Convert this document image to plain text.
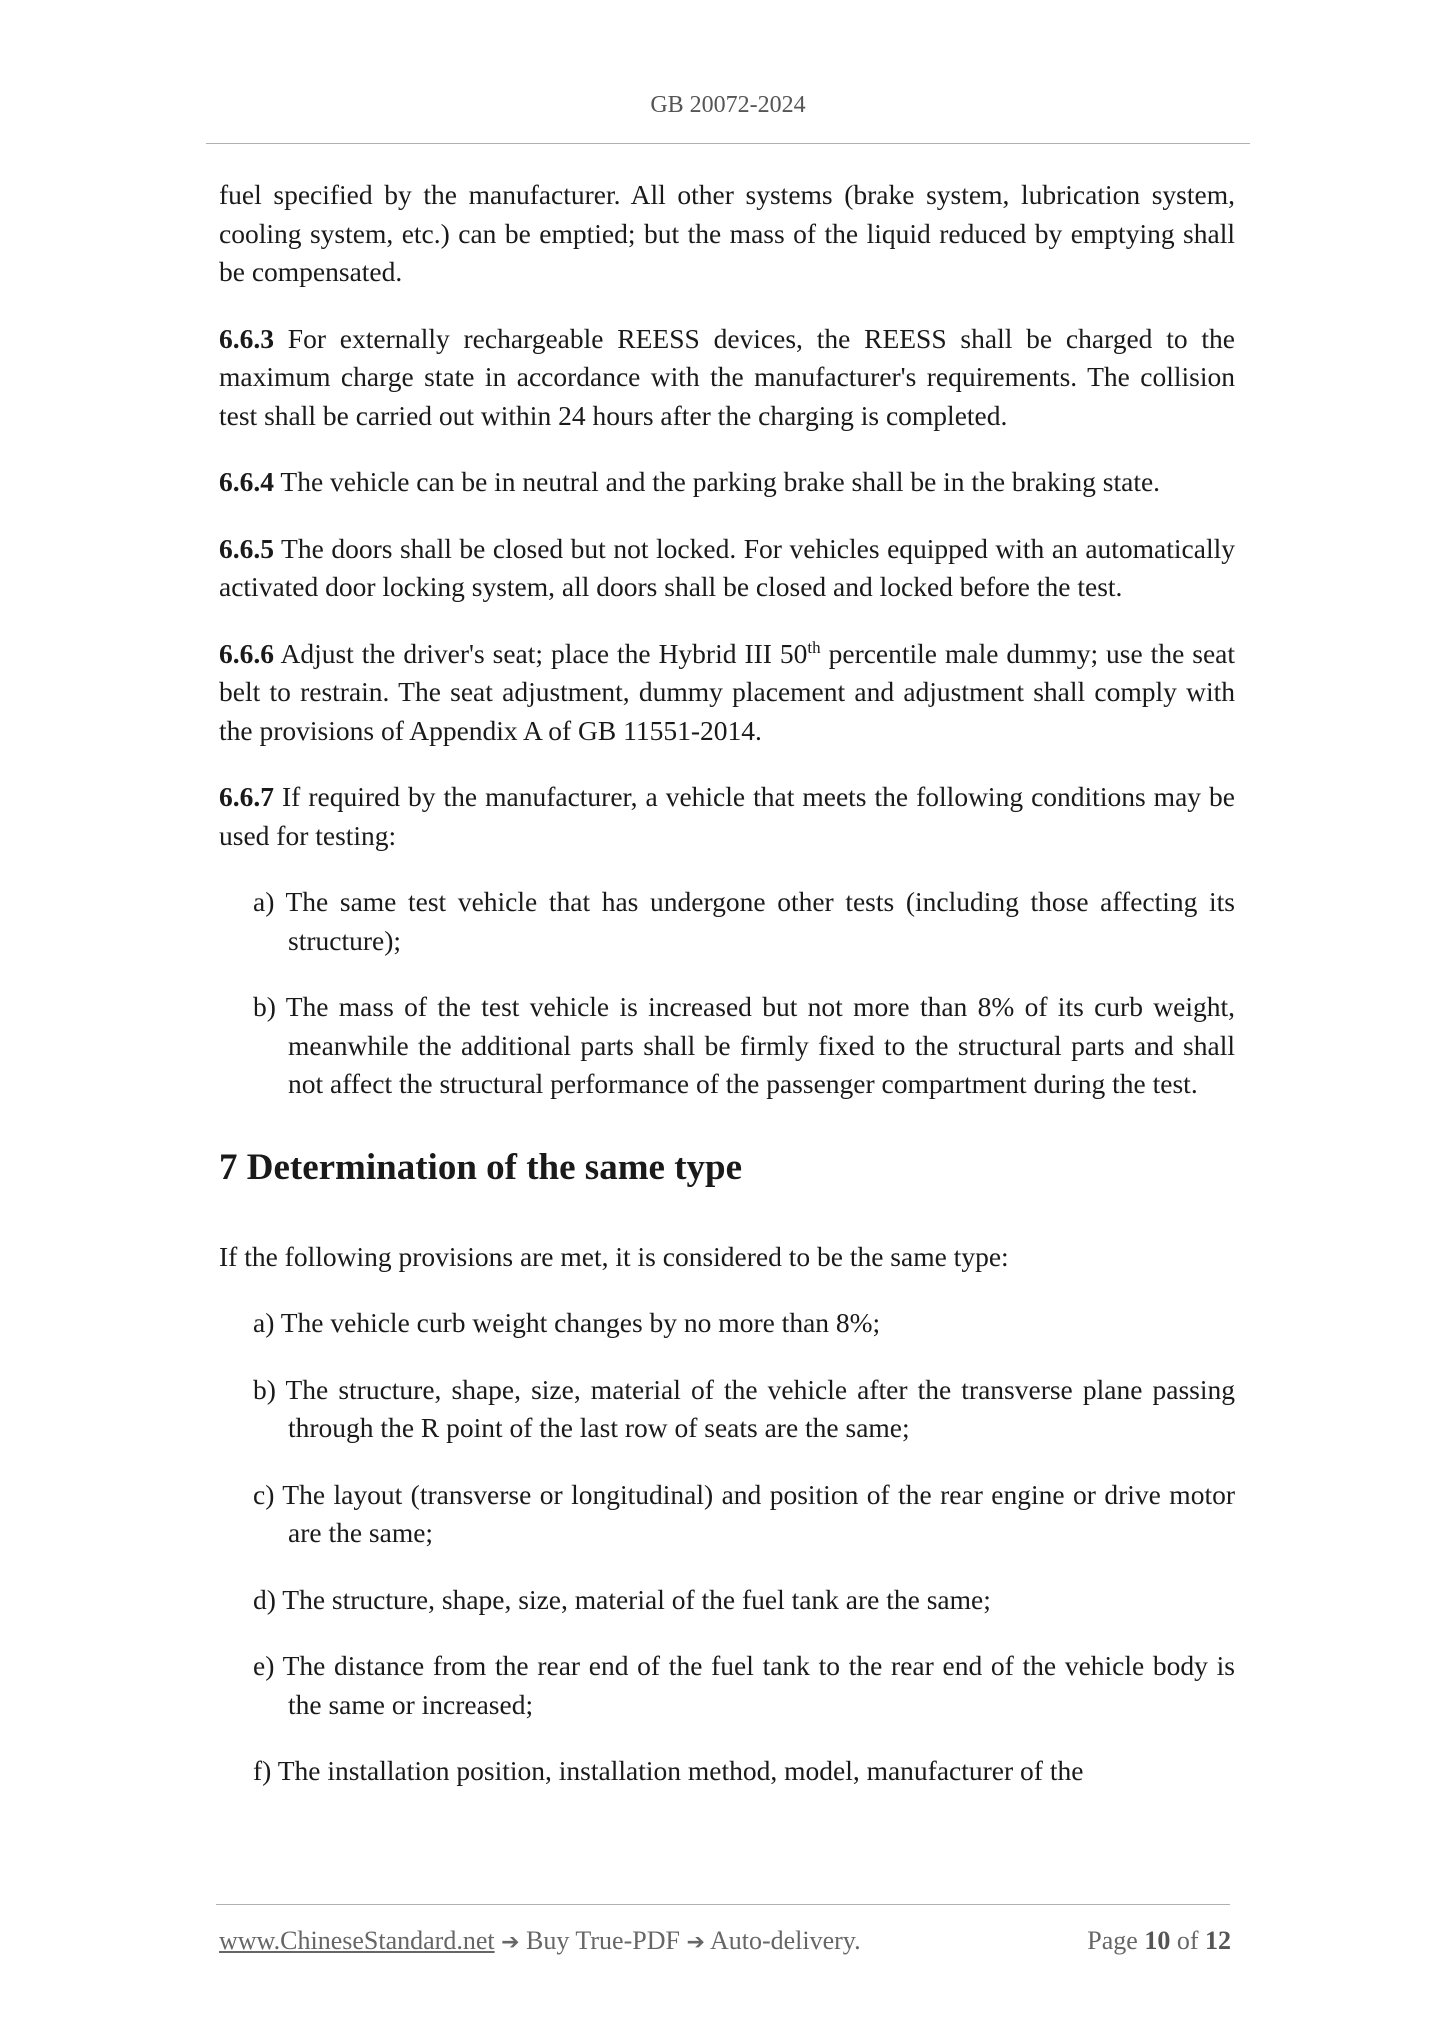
GB 20072-2024

fuel specified by the manufacturer. All other systems (brake system, lubrication system, cooling system, etc.) can be emptied; but the mass of the liquid reduced by emptying shall be compensated.

6.6.3 For externally rechargeable REESS devices, the REESS shall be charged to the maximum charge state in accordance with the manufacturer's requirements. The collision test shall be carried out within 24 hours after the charging is completed.

6.6.4 The vehicle can be in neutral and the parking brake shall be in the braking state.

6.6.5 The doors shall be closed but not locked. For vehicles equipped with an automatically activated door locking system, all doors shall be closed and locked before the test.

6.6.6 Adjust the driver's seat; place the Hybrid III 50th percentile male dummy; use the seat belt to restrain. The seat adjustment, dummy placement and adjustment shall comply with the provisions of Appendix A of GB 11551-2014.

6.6.7 If required by the manufacturer, a vehicle that meets the following conditions may be used for testing:

a) The same test vehicle that has undergone other tests (including those affecting its structure);
b) The mass of the test vehicle is increased but not more than 8% of its curb weight, meanwhile the additional parts shall be firmly fixed to the structural parts and shall not affect the structural performance of the passenger compartment during the test.
7 Determination of the same type

If the following provisions are met, it is considered to be the same type:

a) The vehicle curb weight changes by no more than 8%;
b) The structure, shape, size, material of the vehicle after the transverse plane passing through the R point of the last row of seats are the same;
c) The layout (transverse or longitudinal) and position of the rear engine or drive motor are the same;
d) The structure, shape, size, material of the fuel tank are the same;
e) The distance from the rear end of the fuel tank to the rear end of the vehicle body is the same or increased;
f) The installation position, installation method, model, manufacturer of the
www.ChineseStandard.net ➔ Buy True-PDF ➔ Auto-delivery.	Page 10 of 12
